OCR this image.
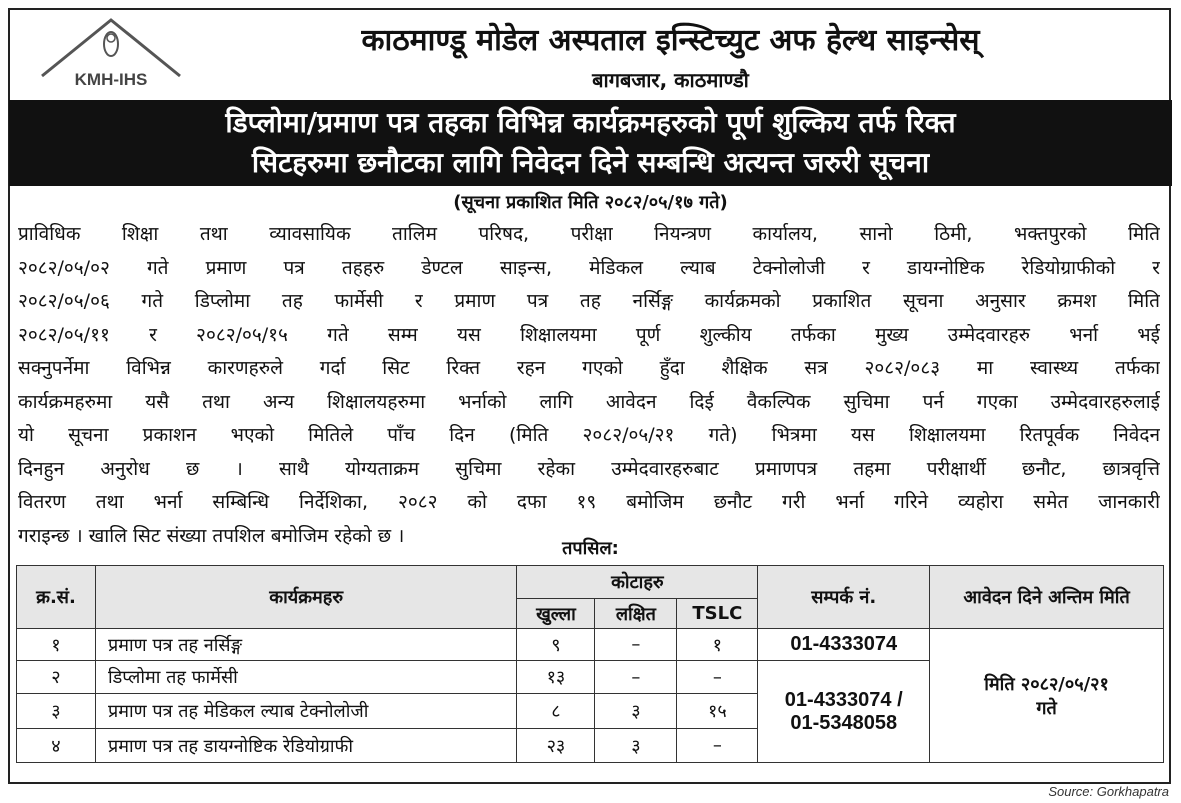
KMH-IHS
काठमाण्डू मोडेल अस्पताल इन्स्टिच्युट अफ हेल्थ साइन्सेस्
बागबजार, काठमाण्डौ
डिप्लोमा/प्रमाण पत्र तहका विभिन्न कार्यक्रमहरुको पूर्ण शुल्किय तर्फ रिक्त
सिटहरुमा छनौटका लागि निवेदन दिने सम्बन्धि अत्यन्त जरुरी सूचना
(सूचना प्रकाशित मिति २०८२/०५/१७ गते)
प्राविधिक शिक्षा तथा व्यावसायिक तालिम परिषद, परीक्षा नियन्त्रण कार्यालय, सानो ठिमी, भक्तपुरको मिति
२०८२/०५/०२ गते प्रमाण पत्र तहहरु डेण्टल साइन्स, मेडिकल ल्याब टेक्नोलोजी र डायग्नोष्टिक रेडियोग्राफीको र
२०८२/०५/०६ गते डिप्लोमा तह फार्मेसी र प्रमाण पत्र तह नर्सिङ्ग कार्यक्रमको प्रकाशित सूचना अनुसार क्रमश मिति
२०८२/०५/११ र २०८२/०५/१५ गते सम्म यस शिक्षालयमा पूर्ण शुल्कीय तर्फका मुख्य उम्मेदवारहरु भर्ना भई
सक्नुपर्नेमा विभिन्न कारणहरुले गर्दा सिट रिक्त रहन गएको हुँदा शैक्षिक सत्र २०८२/०८३ मा स्वास्थ्य तर्फका
कार्यक्रमहरुमा यसै तथा अन्य शिक्षालयहरुमा भर्नाको लागि आवेदन दिई वैकल्पिक सुचिमा पर्न गएका उम्मेदवारहरुलाई
यो सूचना प्रकाशन भएको मितिले पाँच दिन (मिति २०८२/०५/२१ गते) भित्रमा यस शिक्षालयमा रितपूर्वक निवेदन
दिनहुन अनुरोध छ । साथै योग्यताक्रम सुचिमा रहेका उम्मेदवारहरुबाट प्रमाणपत्र तहमा परीक्षार्थी छनौट, छात्रवृत्ति
वितरण तथा भर्ना सम्बिन्धि निर्देशिका, २०८२ को दफा १९ बमोजिम छनौट गरी भर्ना गरिने व्यहोरा समेत जानकारी
गराइन्छ । खालि सिट संख्या तपशिल बमोजिम रहेको छ ।
तपसिल:
क्र.सं.	कार्यक्रमहरु	कोटाहरु			सम्पर्क नं.	आवेदन दिने अन्तिम मिति
		खुल्ला	लक्षित	TSLC		
१	प्रमाण पत्र तह नर्सिङ्ग	९	–	१	01-4333074	मिति २०८२/०५/२१
गते

२	डिप्लोमा तह फार्मेसी	१३	–	–	01-4333074 /
01-5348058	

३	प्रमाण पत्र तह मेडिकल ल्याब टेक्नोलोजी	८	३	१५		
४	प्रमाण पत्र तह डायग्नोष्टिक रेडियोग्राफी	२३	३	–		
Source: Gorkhapatra
